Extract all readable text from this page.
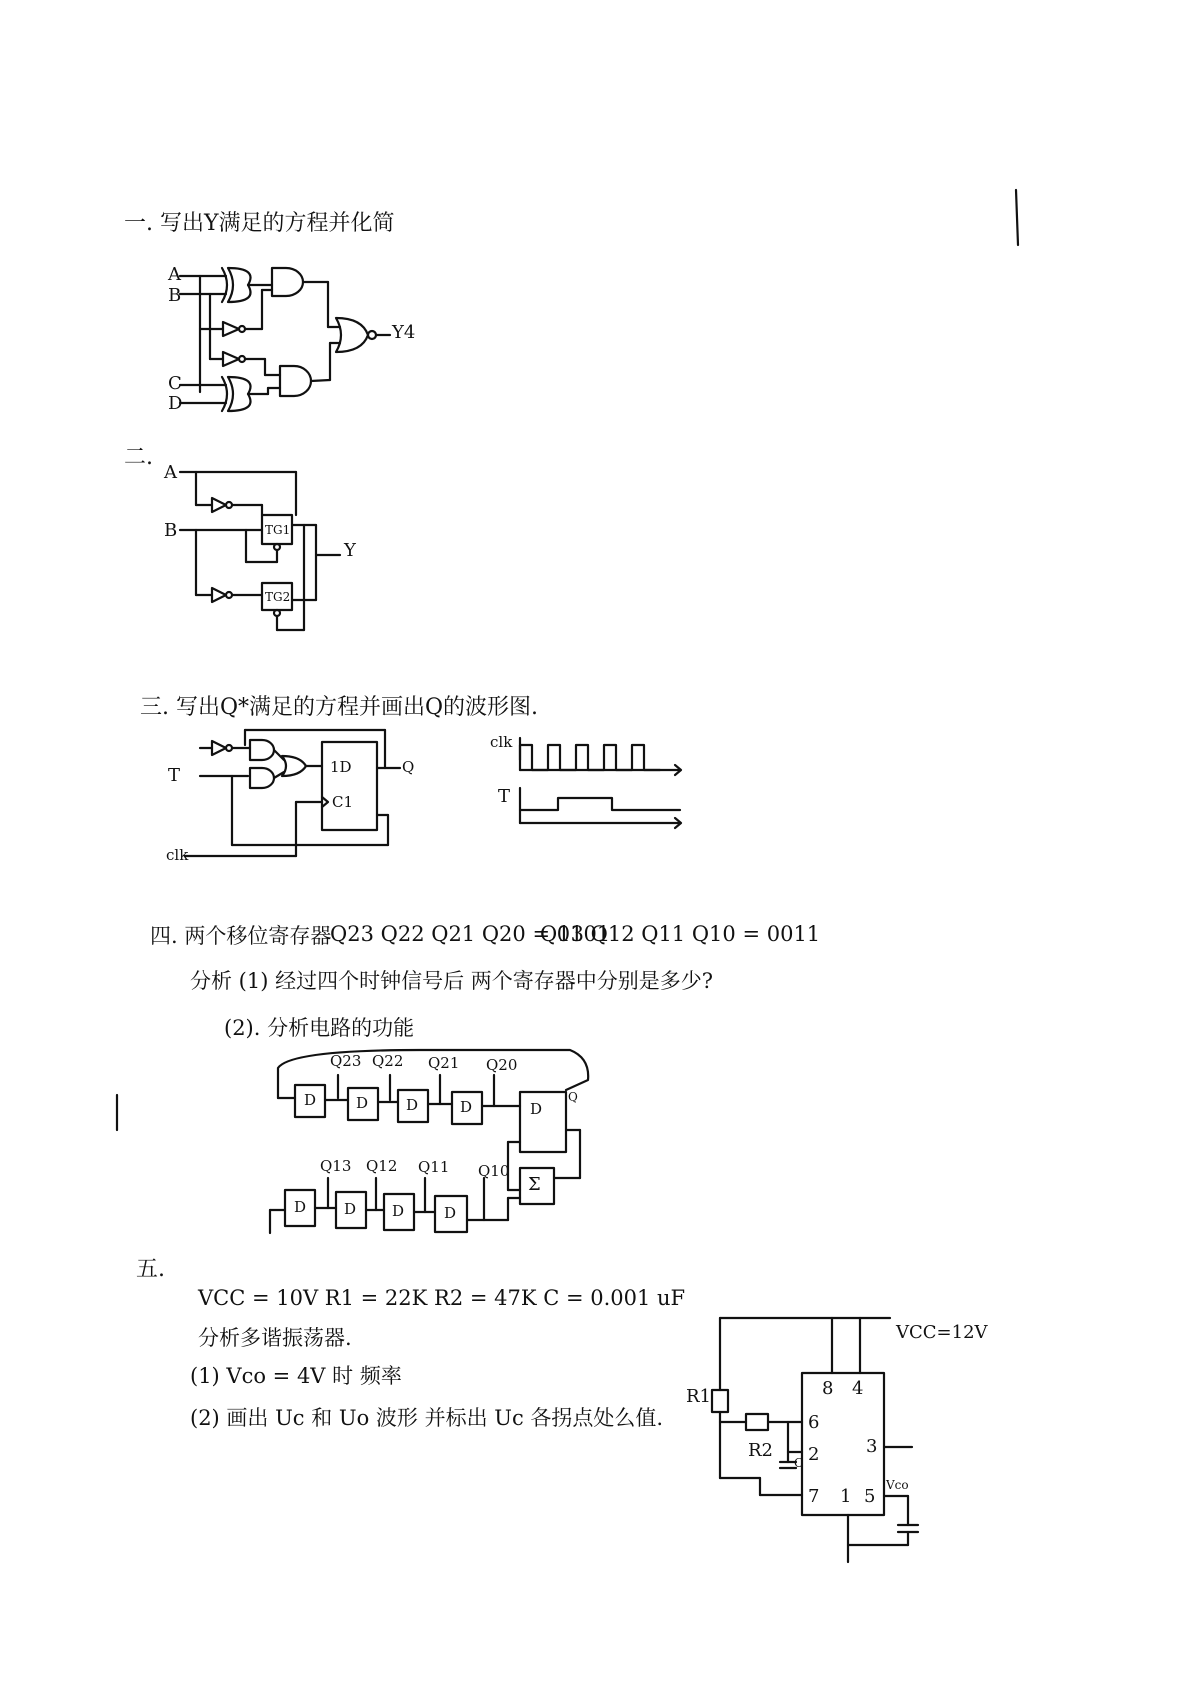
一. 写出Y满足的方程并化简
A
B
C
D
Y4
二.
A
B	TG1
TG2
Y
三. 写出Q*满足的方程并画出Q的波形图.
T
clk
1D
C1
Q
clk
T
四. 两个移位寄存器
Q23 Q22 Q21 Q20 = 0101
Q13 Q12 Q11 Q10 = 0011
分析 (1) 经过四个时钟信号后 两个寄存器中分别是多少?
(2). 分析电路的功能
Q23 Q22 Q21 Q20
D	D	D	D	D
Q
Q13 Q12 Q11 Q10
D	D D	D
Σ
五.
VCC = 10V R1 = 22K R2 = 47K C = 0.001 uF
分析多谐振荡器.
(1) Vco = 4V 时 频率
(2) 画出 Uc 和 Uo 波形 并标出 Uc 各拐点处么值.
VCC=12V
R1
R2
C
Vco
8 4
6
3
2
7 1 5
